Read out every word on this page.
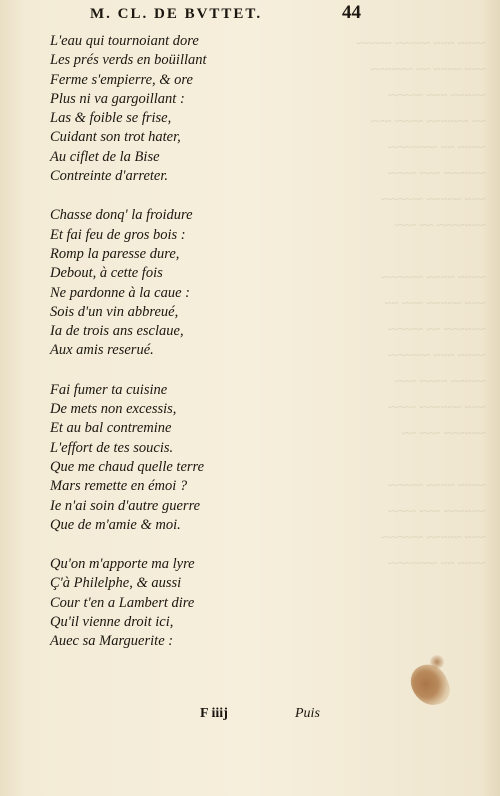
~~~~ ~~~ ~~~~~ ~~~~~
~~~ ~~~~ ~~ ~~~~~~
~~~~~ ~~~ ~~~~~
~~ ~~~~~~ ~~~~ ~~~
~~~~ ~~ ~~~~~~~
~~~~~~ ~~~ ~~~~
~~~ ~~~~~ ~~~~~~
~~~~~~~ ~~ ~~~

~~~~ ~~~~ ~~~~~~
~~~ ~~~~~ ~~~ ~~
~~~~~~ ~~ ~~~~~
~~~~ ~~~ ~~~~~~
~~~~~ ~~~~ ~~~
~~~ ~~~~~~ ~~~~
~~~~~~ ~~~ ~~

~~~~ ~~~~ ~~~~~
~~~~~~ ~~~ ~~~~
~~~ ~~~~~ ~~~~~~
~~~~ ~~ ~~~~~~~
M. CL. DE BVTTET.	44
L'eau qui tournoiant dore
Les prés verds en boüillant
Ferme s'empierre, & ore
Plus ni va gargoillant :
Las & foible se frise,
Cuidant son trot hater,
Au ciflet de la Bise
Contreinte d'arreter.
Chasse donq' la froidure
Et fai feu de gros bois :
Romp la paresse dure,
Debout, à cette fois
Ne pardonne à la caue :
Sois d'un vin abbreué,
Ia de trois ans esclaue,
Aux amis reserué.
Fai fumer ta cuisine
De mets non excessis,
Et au bal contremine
L'effort de tes soucis.
Que me chaud quelle terre
Mars remette en émoi ?
Ie n'ai soin d'autre guerre
Que de m'amie & moi.
Qu'on m'apporte ma lyre
Ç'à Philelphe, & aussi
Cour t'en a Lambert dire
Qu'il vienne droit ici,
Auec sa Marguerite :
F iiij	Puis
